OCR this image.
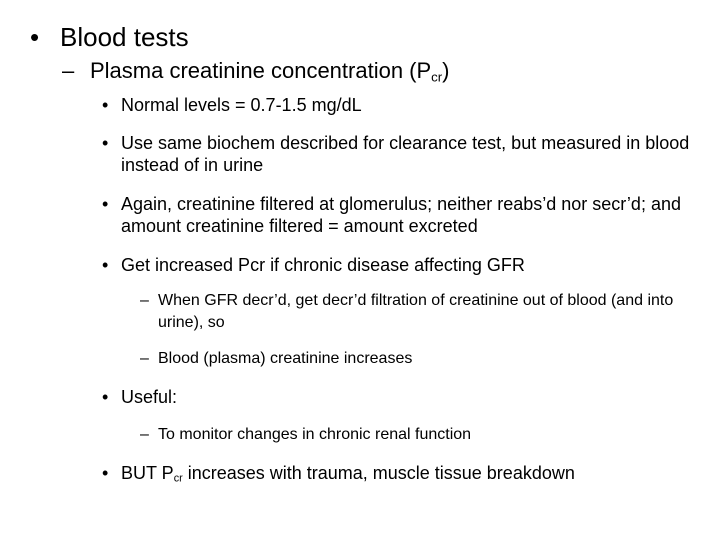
• Blood tests
– Plasma creatinine concentration $(P_{cr})$
• Normal levels = 0.7-1.5 mg/dL
• Use same biochem described for clearance test, but measured in blood instead of in urine
• Again, creatinine filtered at glomerulus; neither reabs’d nor secr’d; and amount creatinine filtered = amount excreted
• Get increased Pcr if chronic disease affecting GFR
– When GFR decr’d, get decr’d filtration of creatinine out of blood (and into urine), so
– Blood (plasma) creatinine increases
• Useful:
– To monitor changes in chronic renal function
• BUT $P_{cr}$ increases with trauma, muscle tissue breakdown
